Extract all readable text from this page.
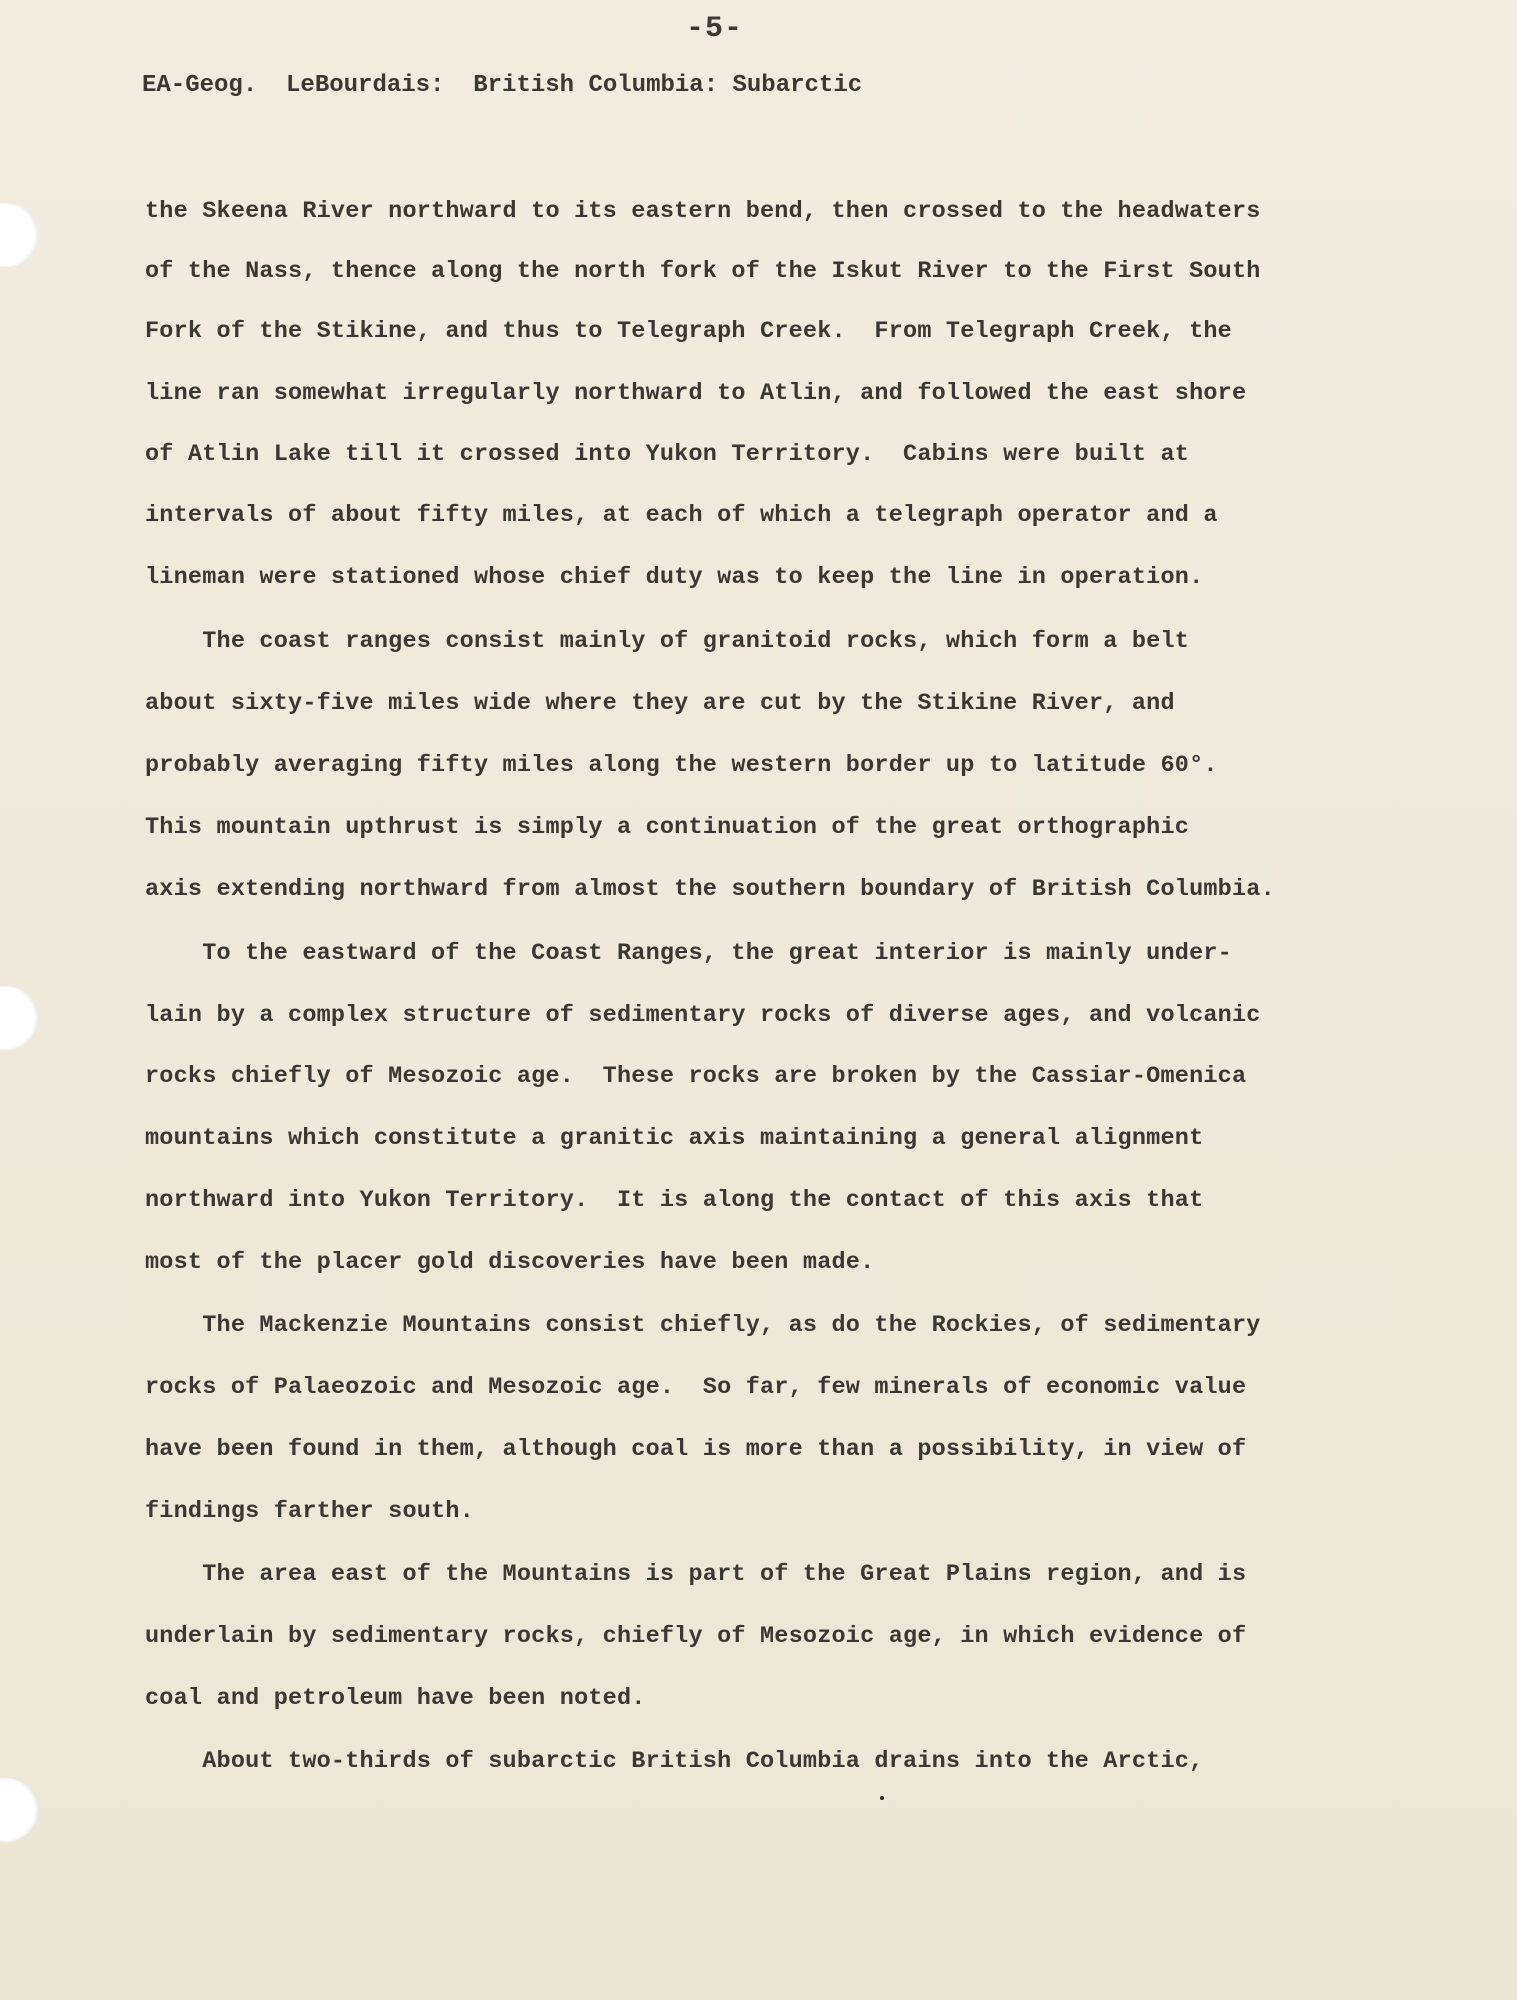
-5-
EA-Geog.  LeBourdais:  British Columbia: Subarctic
the Skeena River northward to its eastern bend, then crossed to the headwaters
of the Nass, thence along the north fork of the Iskut River to the First South
Fork of the Stikine, and thus to Telegraph Creek.  From Telegraph Creek, the
line ran somewhat irregularly northward to Atlin, and followed the east shore
of Atlin Lake till it crossed into Yukon Territory.  Cabins were built at
intervals of about fifty miles, at each of which a telegraph operator and a
lineman were stationed whose chief duty was to keep the line in operation.
The coast ranges consist mainly of granitoid rocks, which form a belt
about sixty-five miles wide where they are cut by the Stikine River, and
probably averaging fifty miles along the western border up to latitude 60°.
This mountain upthrust is simply a continuation of the great orthographic
axis extending northward from almost the southern boundary of British Columbia.
To the eastward of the Coast Ranges, the great interior is mainly under-
lain by a complex structure of sedimentary rocks of diverse ages, and volcanic
rocks chiefly of Mesozoic age.  These rocks are broken by the Cassiar-Omenica
mountains which constitute a granitic axis maintaining a general alignment
northward into Yukon Territory.  It is along the contact of this axis that
most of the placer gold discoveries have been made.
The Mackenzie Mountains consist chiefly, as do the Rockies, of sedimentary
rocks of Palaeozoic and Mesozoic age.  So far, few minerals of economic value
have been found in them, although coal is more than a possibility, in view of
findings farther south.
The area east of the Mountains is part of the Great Plains region, and is
underlain by sedimentary rocks, chiefly of Mesozoic age, in which evidence of
coal and petroleum have been noted.
About two-thirds of subarctic British Columbia drains into the Arctic,
